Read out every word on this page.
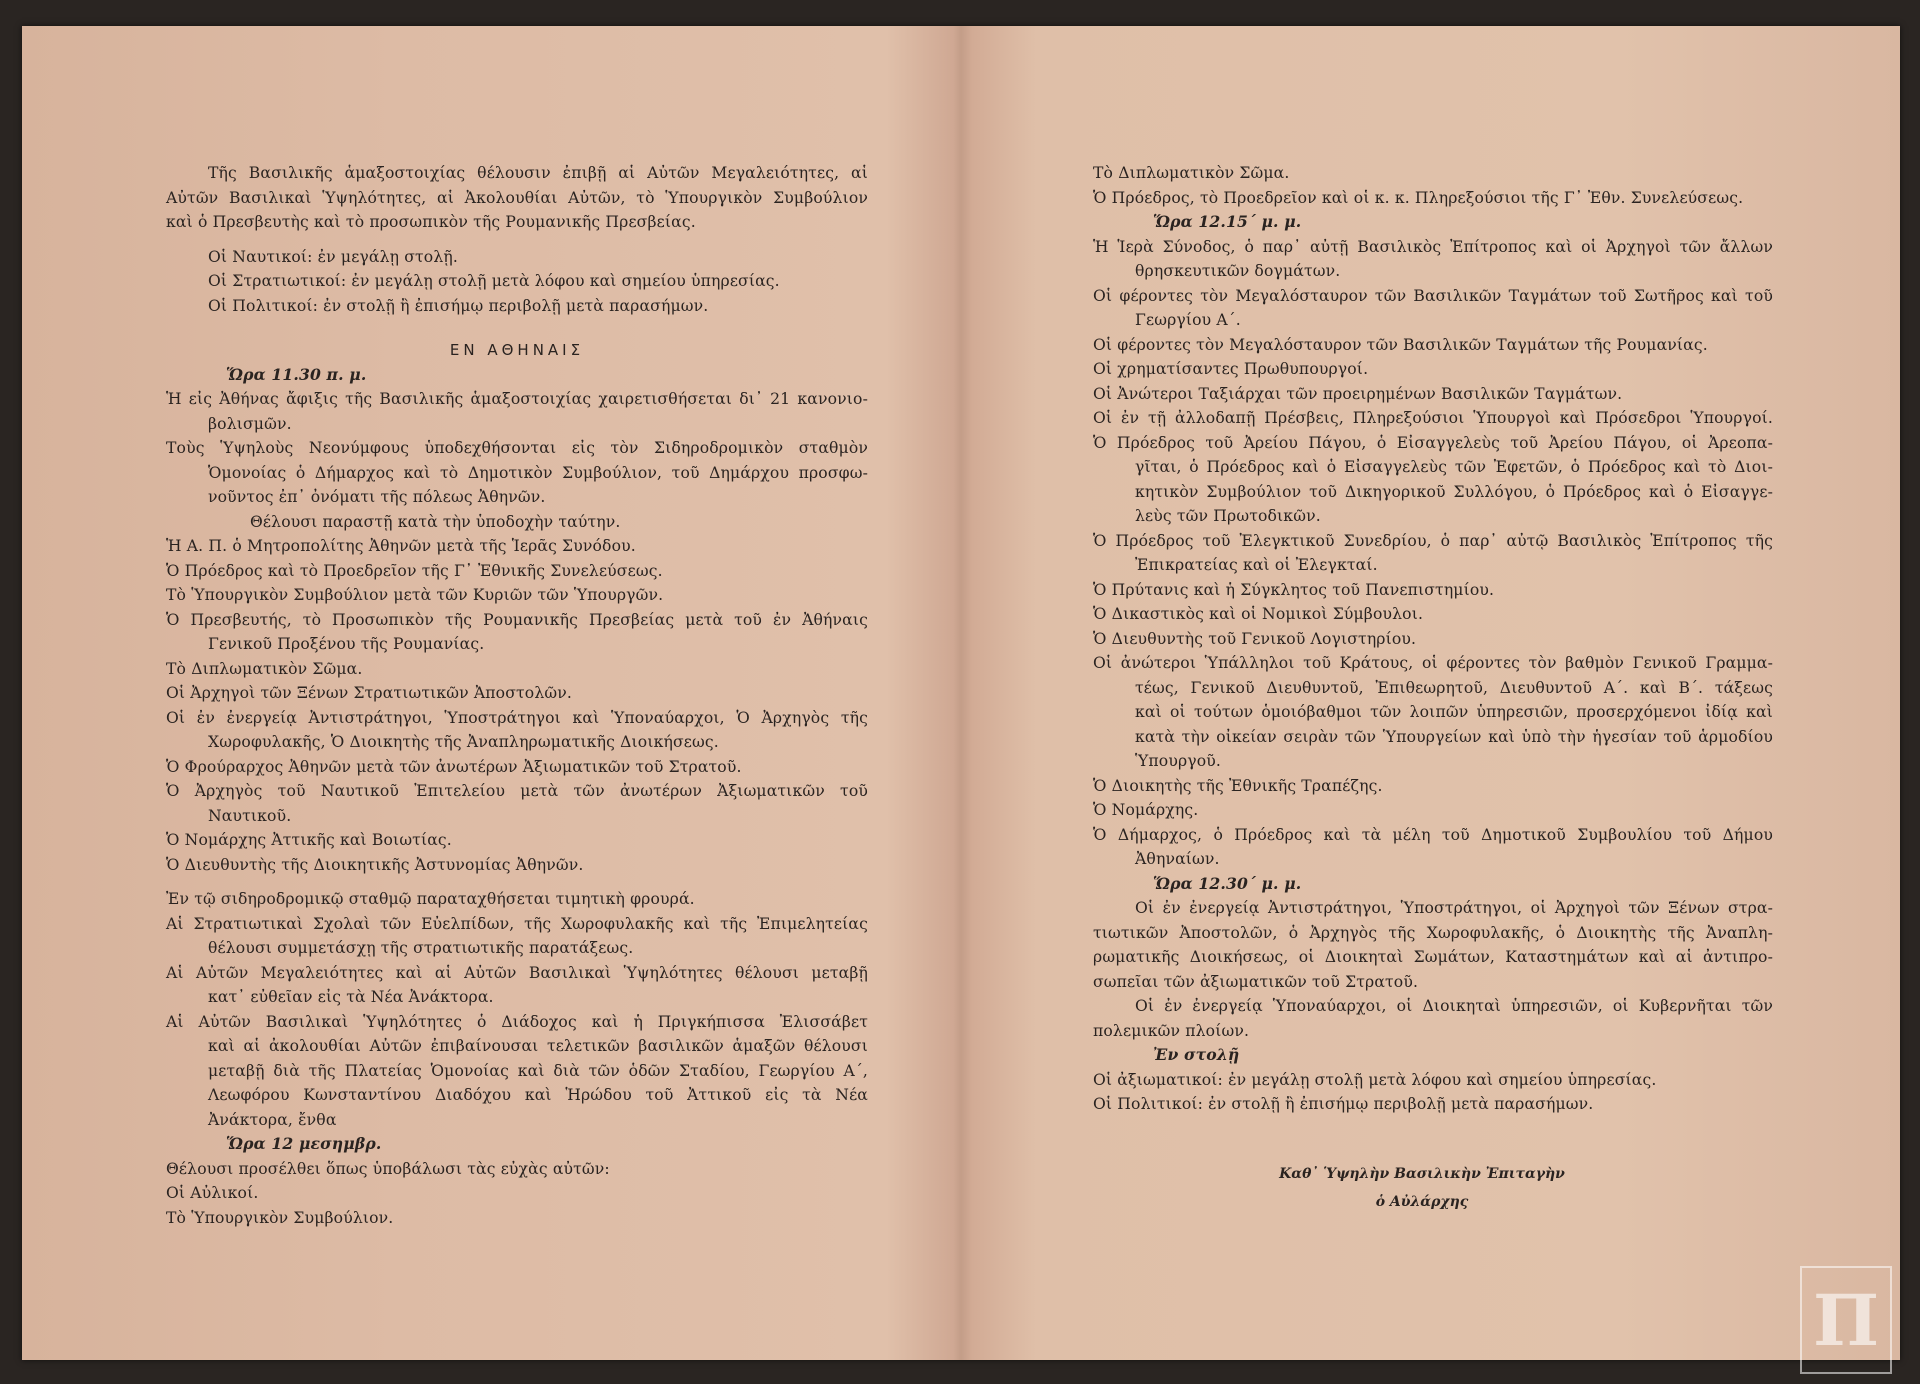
Τῆς Βασιλικῆς ἁμαξοστοιχίας θέλουσιν ἐπιβῇ αἱ Αὐτῶν Μεγαλειότητες, αἱ
Αὐτῶν Βασιλικαὶ Ὑψηλότητες, αἱ Ἀκολουθίαι Αὐτῶν, τὸ Ὑπουργικὸν Συμβούλιον
καὶ ὁ Πρεσβευτὴς καὶ τὸ προσωπικὸν τῆς Ρουμανικῆς Πρεσβείας.
Οἱ Ναυτικοί: ἐν μεγάλῃ στολῇ.
Οἱ Στρατιωτικοί: ἐν μεγάλῃ στολῇ μετὰ λόφου καὶ σημείου ὑπηρεσίας.
Οἱ Πολιτικοί: ἐν στολῇ ἢ ἐπισήμῳ περιβολῇ μετὰ παρασήμων.
ΕΝ ΑΘΗΝΑΙΣ
Ὥρα 11.30 π. μ.
Ἡ εἰς Ἀθήνας ἄφιξις τῆς Βασιλικῆς ἁμαξοστοιχίας χαιρετισθήσεται δι᾽ 21 κανονιο-
βολισμῶν.
Τοὺς Ὑψηλοὺς Νεονύμφους ὑποδεχθήσονται εἰς τὸν Σιδηροδρομικὸν σταθμὸν
Ὁμονοίας ὁ Δήμαρχος καὶ τὸ Δημοτικὸν Συμβούλιον, τοῦ Δημάρχου προσφω-
νοῦντος ἐπ᾽ ὀνόματι τῆς πόλεως Ἀθηνῶν.
Θέλουσι παραστῇ κατὰ τὴν ὑποδοχὴν ταύτην.
Ἡ Α. Π. ὁ Μητροπολίτης Ἀθηνῶν μετὰ τῆς Ἱερᾶς Συνόδου.
Ὁ Πρόεδρος καὶ τὸ Προεδρεῖον τῆς Γ᾽ Ἐθνικῆς Συνελεύσεως.
Τὸ Ὑπουργικὸν Συμβούλιον μετὰ τῶν Κυριῶν τῶν Ὑπουργῶν.
Ὁ Πρεσβευτής, τὸ Προσωπικὸν τῆς Ρουμανικῆς Πρεσβείας μετὰ τοῦ ἐν Ἀθήναις
Γενικοῦ Προξένου τῆς Ρουμανίας.
Τὸ Διπλωματικὸν Σῶμα.
Οἱ Ἀρχηγοὶ τῶν Ξένων Στρατιωτικῶν Ἀποστολῶν.
Οἱ ἐν ἐνεργείᾳ Ἀντιστράτηγοι, Ὑποστράτηγοι καὶ Ὑποναύαρχοι, Ὁ Ἀρχηγὸς τῆς
Χωροφυλακῆς, Ὁ Διοικητὴς τῆς Ἀναπληρωματικῆς Διοικήσεως.
Ὁ Φρούραρχος Ἀθηνῶν μετὰ τῶν ἀνωτέρων Ἀξιωματικῶν τοῦ Στρατοῦ.
Ὁ Ἀρχηγὸς τοῦ Ναυτικοῦ Ἐπιτελείου μετὰ τῶν ἀνωτέρων Ἀξιωματικῶν τοῦ
Ναυτικοῦ.
Ὁ Νομάρχης Ἀττικῆς καὶ Βοιωτίας.
Ὁ Διευθυντὴς τῆς Διοικητικῆς Ἀστυνομίας Ἀθηνῶν.
Ἐν τῷ σιδηροδρομικῷ σταθμῷ παραταχθήσεται τιμητικὴ φρουρά.
Αἱ Στρατιωτικαὶ Σχολαὶ τῶν Εὐελπίδων, τῆς Χωροφυλακῆς καὶ τῆς Ἐπιμελητείας
θέλουσι συμμετάσχῃ τῆς στρατιωτικῆς παρατάξεως.
Αἱ Αὐτῶν Μεγαλειότητες καὶ αἱ Αὐτῶν Βασιλικαὶ Ὑψηλότητες θέλουσι μεταβῇ
κατ᾽ εὐθεῖαν εἰς τὰ Νέα Ἀνάκτορα.
Αἱ Αὐτῶν Βασιλικαὶ Ὑψηλότητες ὁ Διάδοχος καὶ ἡ Πριγκήπισσα Ἐλισσάβετ
καὶ αἱ ἀκολουθίαι Αὐτῶν ἐπιβαίνουσαι τελετικῶν βασιλικῶν ἁμαξῶν θέλουσι
μεταβῇ διὰ τῆς Πλατείας Ὁμονοίας καὶ διὰ τῶν ὁδῶν Σταδίου, Γεωργίου Α΄,
Λεωφόρου Κωνσταντίνου Διαδόχου καὶ Ἡρώδου τοῦ Ἀττικοῦ εἰς τὰ Νέα
Ἀνάκτορα, ἔνθα
Ὥρα 12 μεσημβρ.
Θέλουσι προσέλθει ὅπως ὑποβάλωσι τὰς εὐχὰς αὐτῶν:
Οἱ Αὐλικοί.
Τὸ Ὑπουργικὸν Συμβούλιον.
Τὸ Διπλωματικὸν Σῶμα.
Ὁ Πρόεδρος, τὸ Προεδρεῖον καὶ οἱ κ. κ. Πληρεξούσιοι τῆς Γ᾽ Ἐθν. Συνελεύσεως.
Ὥρα 12.15΄ μ. μ.
Ἡ Ἱερὰ Σύνοδος, ὁ παρ᾽ αὐτῇ Βασιλικὸς Ἐπίτροπος καὶ οἱ Ἀρχηγοὶ τῶν ἄλλων
θρησκευτικῶν δογμάτων.
Οἱ φέροντες τὸν Μεγαλόσταυρον τῶν Βασιλικῶν Ταγμάτων τοῦ Σωτῆρος καὶ τοῦ
Γεωργίου Α΄.
Οἱ φέροντες τὸν Μεγαλόσταυρον τῶν Βασιλικῶν Ταγμάτων τῆς Ρουμανίας.
Οἱ χρηματίσαντες Πρωθυπουργοί.
Οἱ Ἀνώτεροι Ταξιάρχαι τῶν προειρημένων Βασιλικῶν Ταγμάτων.
Οἱ ἐν τῇ ἀλλοδαπῇ Πρέσβεις, Πληρεξούσιοι Ὑπουργοὶ καὶ Πρόσεδροι Ὑπουργοί.
Ὁ Πρόεδρος τοῦ Ἀρείου Πάγου, ὁ Εἰσαγγελεὺς τοῦ Ἀρείου Πάγου, οἱ Ἀρεοπα-
γῖται, ὁ Πρόεδρος καὶ ὁ Εἰσαγγελεὺς τῶν Ἐφετῶν, ὁ Πρόεδρος καὶ τὸ Διοι-
κητικὸν Συμβούλιον τοῦ Δικηγορικοῦ Συλλόγου, ὁ Πρόεδρος καὶ ὁ Εἰσαγγε-
λεὺς τῶν Πρωτοδικῶν.
Ὁ Πρόεδρος τοῦ Ἐλεγκτικοῦ Συνεδρίου, ὁ παρ᾽ αὐτῷ Βασιλικὸς Ἐπίτροπος τῆς
Ἐπικρατείας καὶ οἱ Ἐλεγκταί.
Ὁ Πρύτανις καὶ ἡ Σύγκλητος τοῦ Πανεπιστημίου.
Ὁ Δικαστικὸς καὶ οἱ Νομικοὶ Σύμβουλοι.
Ὁ Διευθυντὴς τοῦ Γενικοῦ Λογιστηρίου.
Οἱ ἀνώτεροι Ὑπάλληλοι τοῦ Κράτους, οἱ φέροντες τὸν βαθμὸν Γενικοῦ Γραμμα-
τέως, Γενικοῦ Διευθυντοῦ, Ἐπιθεωρητοῦ, Διευθυντοῦ Α΄. καὶ Β΄. τάξεως
καὶ οἱ τούτων ὁμοιόβαθμοι τῶν λοιπῶν ὑπηρεσιῶν, προσερχόμενοι ἰδίᾳ καὶ
κατὰ τὴν οἰκείαν σειρὰν τῶν Ὑπουργείων καὶ ὑπὸ τὴν ἡγεσίαν τοῦ ἁρμοδίου
Ὑπουργοῦ.
Ὁ Διοικητὴς τῆς Ἐθνικῆς Τραπέζης.
Ὁ Νομάρχης.
Ὁ Δήμαρχος, ὁ Πρόεδρος καὶ τὰ μέλη τοῦ Δημοτικοῦ Συμβουλίου τοῦ Δήμου
Ἀθηναίων.
Ὥρα 12.30΄ μ. μ.
Οἱ ἐν ἐνεργείᾳ Ἀντιστράτηγοι, Ὑποστράτηγοι, οἱ Ἀρχηγοὶ τῶν Ξένων στρα-
τιωτικῶν Ἀποστολῶν, ὁ Ἀρχηγὸς τῆς Χωροφυλακῆς, ὁ Διοικητὴς τῆς Ἀναπλη-
ρωματικῆς Διοικήσεως, οἱ Διοικηταὶ Σωμάτων, Καταστημάτων καὶ αἱ ἀντιπρο-
σωπεῖαι τῶν ἀξιωματικῶν τοῦ Στρατοῦ.
Οἱ ἐν ἐνεργείᾳ Ὑποναύαρχοι, οἱ Διοικηταὶ ὑπηρεσιῶν, οἱ Κυβερνῆται τῶν
πολεμικῶν πλοίων.
Ἐν στολῇ
Οἱ ἀξιωματικοί: ἐν μεγάλῃ στολῇ μετὰ λόφου καὶ σημείου ὑπηρεσίας.
Οἱ Πολιτικοί: ἐν στολῇ ἢ ἐπισήμῳ περιβολῇ μετὰ παρασήμων.
Καθ᾽ Ὑψηλὴν Βασιλικὴν Ἐπιταγὴν
ὁ Αὐλάρχης
Π
